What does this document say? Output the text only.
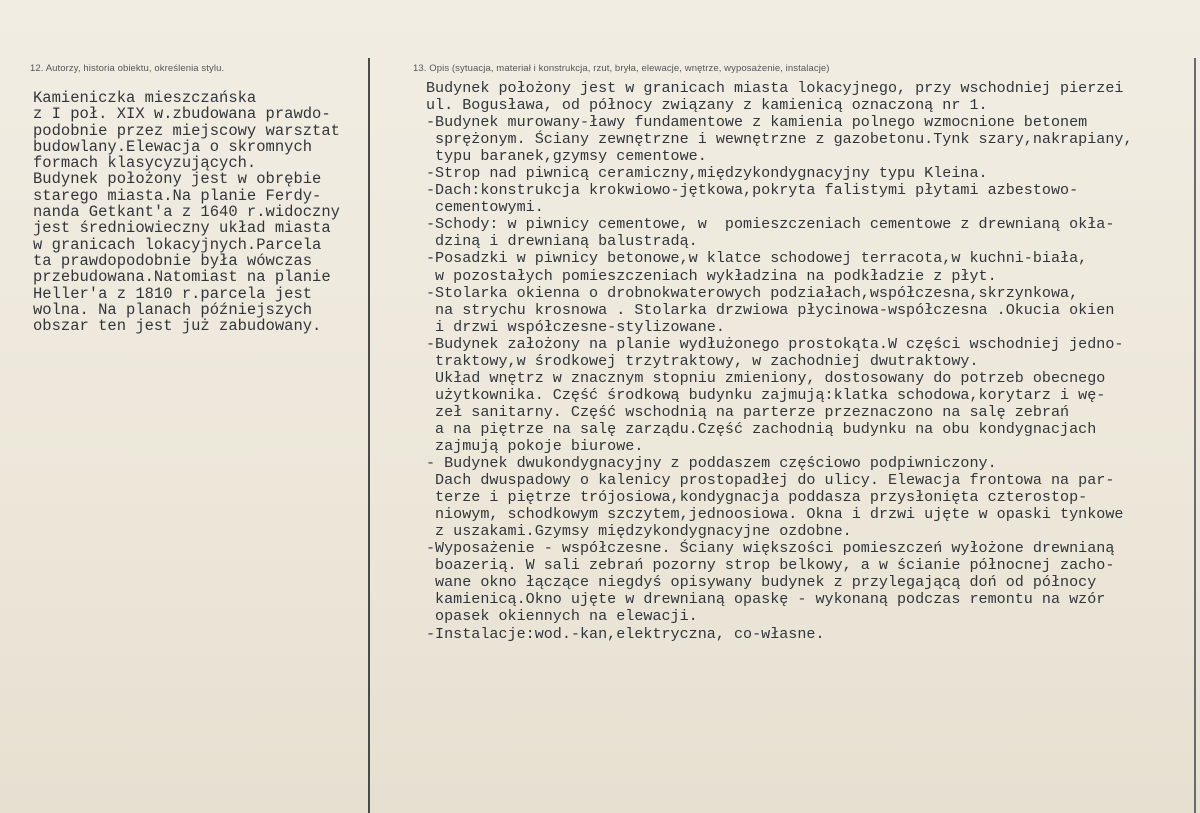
12. Autorzy, historia obiektu, określenia stylu.	13. Opis (sytuacja, materiał i konstrukcja, rzut, bryła, elewacje, wnętrze, wyposażenie, instalacje)
Kamieniczka mieszczańska
z I poł. XIX w.zbudowana prawdo-
podobnie przez miejscowy warsztat
budowlany.Elewacja o skromnych
formach klasycyzujących.
Budynek położony jest w obrębie
starego miasta.Na planie Ferdy-
nanda Getkant'a z 1640 r.widoczny
jest średniowieczny układ miasta
w granicach lokacyjnych.Parcela
ta prawdopodobnie była wówczas
przebudowana.Natomiast na planie
Heller'a z 1810 r.parcela jest
wolna. Na planach późniejszych
obszar ten jest już zabudowany.
Budynek położony jest w granicach miasta lokacyjnego, przy wschodniej pierzei
ul. Bogusława, od północy związany z kamienicą oznaczoną nr 1.
-Budynek murowany-ławy fundamentowe z kamienia polnego wzmocnione betonem
sprężonym. Ściany zewnętrzne i wewnętrzne z gazobetonu.Tynk szary,nakrapiany,
typu baranek,gzymsy cementowe.
-Strop nad piwnicą ceramiczny,międzykondygnacyjny typu Kleina.
-Dach:konstrukcja krokwiowo-jętkowa,pokryta falistymi płytami azbestowo-
cementowymi.
-Schody: w piwnicy cementowe, w  pomieszczeniach cementowe z drewnianą okła-
dziną i drewnianą balustradą.
-Posadzki w piwnicy betonowe,w klatce schodowej terracota,w kuchni-biała,
w pozostałych pomieszczeniach wykładzina na podkładzie z płyt.
-Stolarka okienna o drobnokwaterowych podziałach,współczesna,skrzynkowa,
na strychu krosnowa . Stolarka drzwiowa płycinowa-współczesna .Okucia okien
i drzwi współczesne-stylizowane.
-Budynek założony na planie wydłużonego prostokąta.W części wschodniej jedno-
traktowy,w środkowej trzytraktowy, w zachodniej dwutraktowy.
Układ wnętrz w znacznym stopniu zmieniony, dostosowany do potrzeb obecnego
użytkownika. Część środkową budynku zajmują:klatka schodowa,korytarz i wę-
zeł sanitarny. Część wschodnią na parterze przeznaczono na salę zebrań
a na piętrze na salę zarządu.Część zachodnią budynku na obu kondygnacjach
zajmują pokoje biurowe.
- Budynek dwukondygnacyjny z poddaszem częściowo podpiwniczony.
Dach dwuspadowy o kalenicy prostopadłej do ulicy. Elewacja frontowa na par-
terze i piętrze trójosiowa,kondygnacja poddasza przysłonięta czterostop-
niowym, schodkowym szczytem,jednoosiowa. Okna i drzwi ujęte w opaski tynkowe
z uszakami.Gzymsy międzykondygnacyjne ozdobne.
-Wyposażenie - współczesne. Ściany większości pomieszczeń wyłożone drewnianą
boazerią. W sali zebrań pozorny strop belkowy, a w ścianie północnej zacho-
wane okno łączące niegdyś opisywany budynek z przylegającą doń od północy
kamienicą.Okno ujęte w drewnianą opaskę - wykonaną podczas remontu na wzór
opasek okiennych na elewacji.
-Instalacje:wod.-kan,elektryczna, co-własne.
